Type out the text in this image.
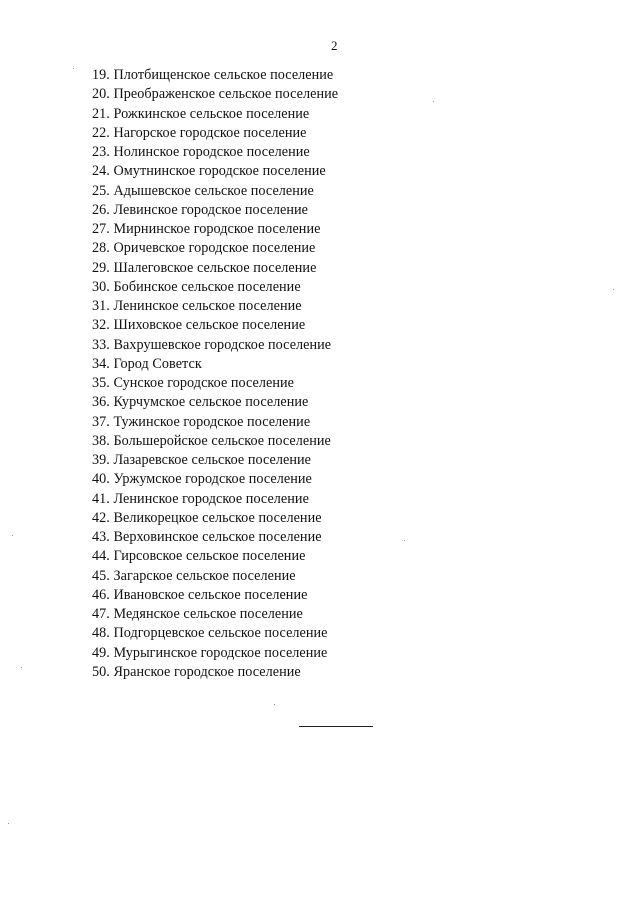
2
19. Плотбищенское сельское поселение
20. Преображенское сельское поселение
21. Рожкинское сельское поселение
22. Нагорское городское поселение
23. Нолинское городское поселение
24. Омутнинское городское поселение
25. Адышевское сельское поселение
26. Левинское городское поселение
27. Мирнинское городское поселение
28. Оричевское городское поселение
29. Шалеговское сельское поселение
30. Бобинское сельское поселение
31. Ленинское сельское поселение
32. Шиховское сельское поселение
33. Вахрушевское городское поселение
34. Город Советск
35. Сунское городское поселение
36. Курчумское сельское поселение
37. Тужинское городское поселение
38. Большеройское сельское поселение
39. Лазаревское сельское поселение
40. Уржумское городское поселение
41. Ленинское городское поселение
42. Великорецкое сельское поселение
43. Верховинское сельское поселение
44. Гирсовское сельское поселение
45. Загарское сельское поселение
46. Ивановское сельское поселение
47. Медянское сельское поселение
48. Подгорцевское сельское поселение
49. Мурыгинское городское поселение
50. Яранское городское поселение
